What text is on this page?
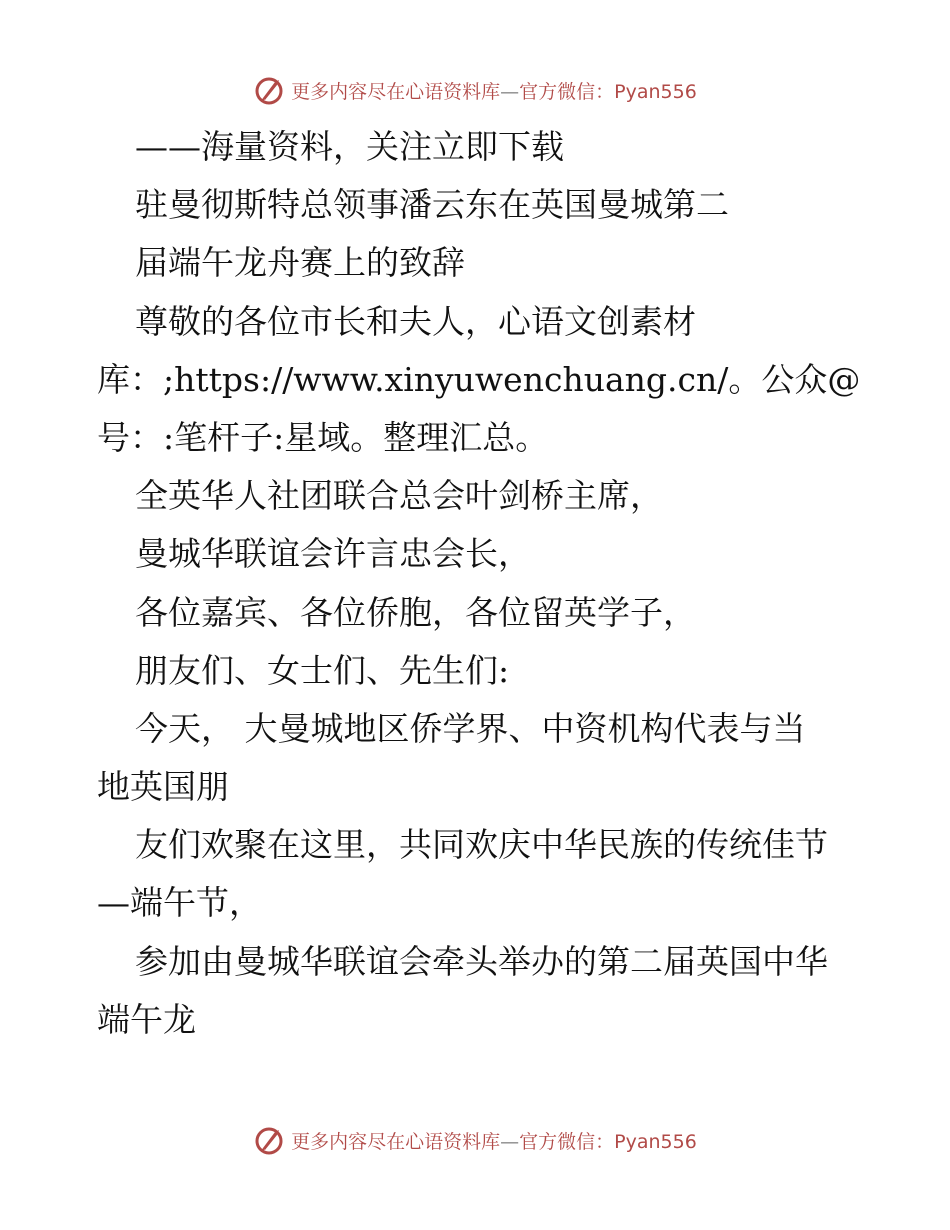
更多内容尽在心语资料库—官方微信：Pyan556
——海量资料，关注立即下载
驻曼彻斯特总领事潘云东在英国曼城第二
届端午龙舟赛上的致辞
尊敬的各位市长和夫人，心语文创素材
库：;https://www.xinyuwenchuang.cn/。公众@
号：:笔杆子:星域。整理汇总。
全英华人社团联合总会叶剑桥主席，
曼城华联谊会许言忠会长，
各位嘉宾、各位侨胞，各位留英学子，
朋友们、女士们、先生们:
今天， 大曼城地区侨学界、中资机构代表与当
地英国朋
友们欢聚在这里，共同欢庆中华民族的传统佳节
—端午节，
参加由曼城华联谊会牵头举办的第二届英国中华
端午龙
更多内容尽在心语资料库—官方微信：Pyan556
